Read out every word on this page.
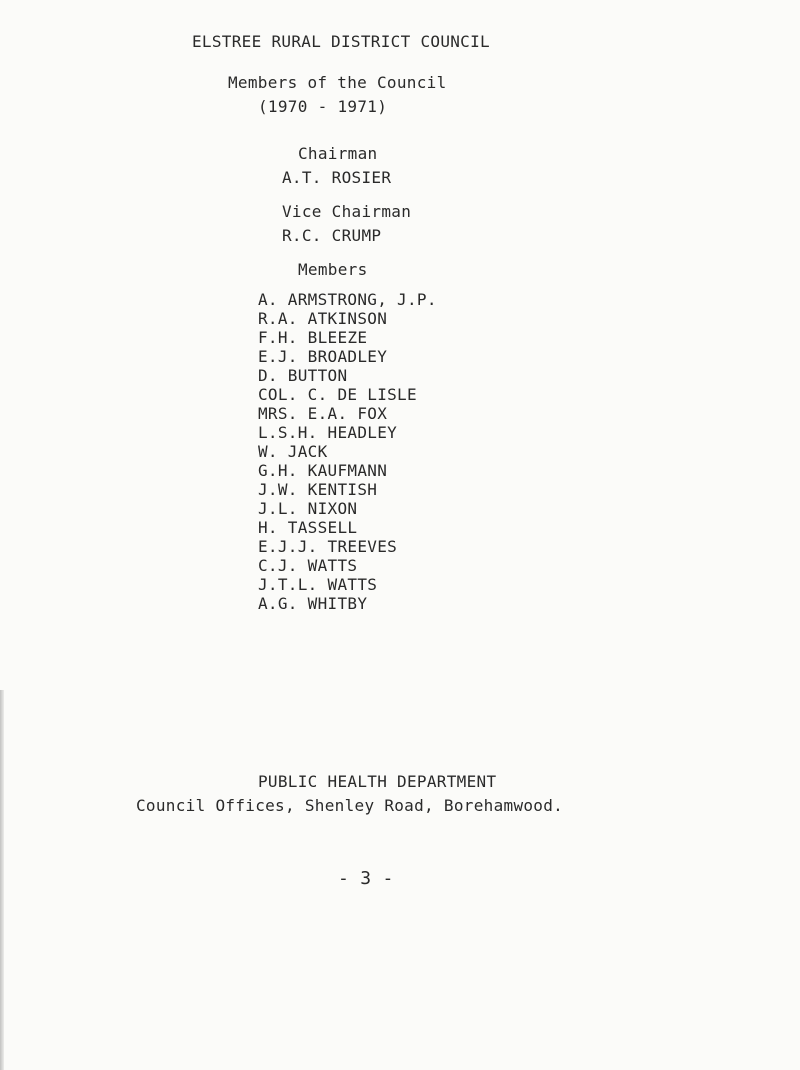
ELSTREE RURAL DISTRICT COUNCIL
Members of the Council
(1970 - 1971)
Chairman
A.T. ROSIER
Vice Chairman
R.C. CRUMP
Members
A. ARMSTRONG, J.P.
R.A. ATKINSON
F.H. BLEEZE
E.J. BROADLEY
D. BUTTON
COL. C. DE LISLE
MRS. E.A. FOX
L.S.H. HEADLEY
W. JACK
G.H. KAUFMANN
J.W. KENTISH
J.L. NIXON
H. TASSELL
E.J.J. TREEVES
C.J. WATTS
J.T.L. WATTS
A.G. WHITBY
PUBLIC HEALTH DEPARTMENT
Council Offices, Shenley Road, Borehamwood.
- 3 -
